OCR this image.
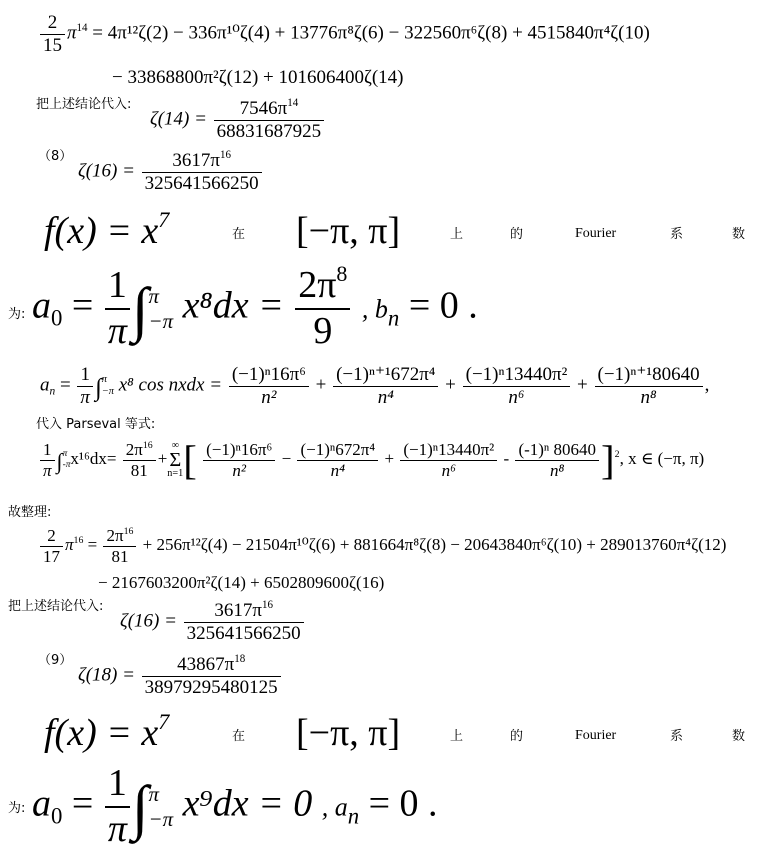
$\frac{2}{15} \pi^{14} = 4\pi^{12}\zeta(2) - 336\pi^{10}\zeta(4) + 13776\pi^8\zeta(6) - 322560\pi^6\zeta(8) + 4515840\pi^4\zeta(10)$
− 33868800π²ζ(12) + 101606400ζ(14)
把上述结论代入:
$\zeta(14) = \frac{7546\pi^{14}}{68831687925}$
（8）
$\zeta(16) = \frac{3617\pi^{16}}{325641566250}$
$f(x) = x^7$
在 [−π, π]	上	的	Fourier	系	数
为: $a_0 = \frac{1}{\pi}$ ∫ π
−π $x^8dx = \frac{2\pi^8}{9}$ , $b_n = 0$ .
$a_n = \frac{1}{\pi}$ ∫ π
−π x⁸ cos nxdx = $\frac{\text{(−1)ⁿ16π⁶}}{\text{n²}} + \frac{\text{(−1)ⁿ⁺¹672π⁴}}{\text{n⁴}} + \frac{\text{(−1)ⁿ13440π²}}{\text{n⁶}} + \frac{\text{(−1)ⁿ⁺¹80640}}{\text{n⁸}}$ ,
代入 Parseval 等式:
$\frac{1}{\pi}$ ∫ π
-π $x^{16}dx= \frac{2\pi^{16}}{81}$ +∞
Σ
$n=1[ \frac{\text{(−1)ⁿ16π⁶}}{\text{n²}} - \frac{\text{(−1)ⁿ672π⁴}}{\text{n⁴}} + \frac{\text{(−1)ⁿ13440π²}}{\text{n⁶}} - \frac{\text{(-1)ⁿ 80640}}{\text{n⁸}} ]^2$, x ∈ (−π, π)
故整理:
$\frac{2}{17} \pi^{16} = \frac{2\pi^{16}}{81} + 256\pi^{12}\zeta(4) - 21504\pi^{10}\zeta(6) + 881664\pi^8\zeta(8) - 20643840\pi^6\zeta(10) + 289013760\pi^4\zeta(12)$
− 2167603200π²ζ(14) + 6502809600ζ(16)
把上述结论代入:
$\zeta(16) = \frac{3617\pi^{16}}{325641566250}$
（9）
$\zeta(18) = \frac{43867\pi^{18}}{38979295480125}$
$f(x) = x^7$
在 [−π, π]	上	的	Fourier	系	数
为: $a_0 = \frac{1}{\pi}$ ∫ π
−π x⁹dx = 0 , $a_n = 0$ .
